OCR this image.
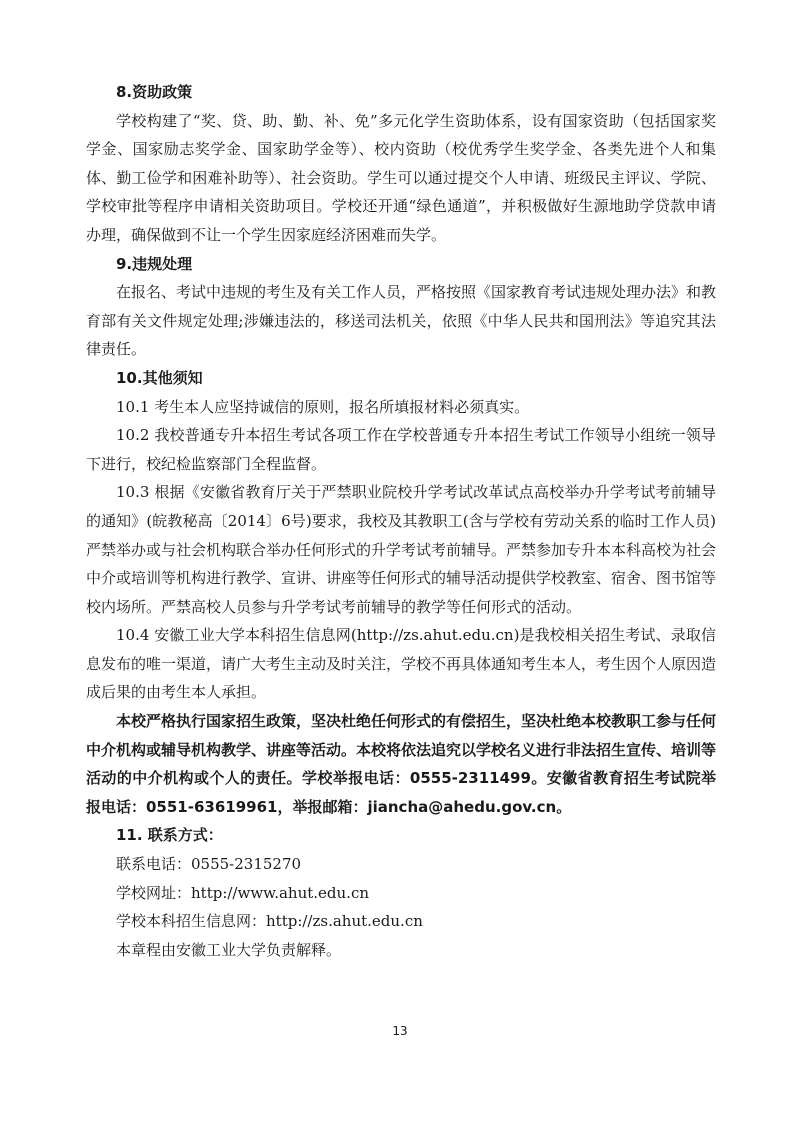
8.资助政策

学校构建了“奖、贷、助、勤、补、免”多元化学生资助体系，设有国家资助（包括国家奖学金、国家励志奖学金、国家助学金等）、校内资助（校优秀学生奖学金、各类先进个人和集体、勤工俭学和困难补助等）、社会资助。学生可以通过提交个人申请、班级民主评议、学院、学校审批等程序申请相关资助项目。学校还开通“绿色通道”，并积极做好生源地助学贷款申请办理，确保做到不让一个学生因家庭经济困难而失学。

9.违规处理

在报名、考试中违规的考生及有关工作人员，严格按照《国家教育考试违规处理办法》和教育部有关文件规定处理;涉嫌违法的，移送司法机关，依照《中华人民共和国刑法》等追究其法律责任。

10.其他须知

10.1 考生本人应坚持诚信的原则，报名所填报材料必须真实。

10.2 我校普通专升本招生考试各项工作在学校普通专升本招生考试工作领导小组统一领导下进行，校纪检监察部门全程监督。

10.3 根据《安徽省教育厅关于严禁职业院校升学考试改革试点高校举办升学考试考前辅导的通知》(皖教秘高〔2014〕6号)要求，我校及其教职工(含与学校有劳动关系的临时工作人员)严禁举办或与社会机构联合举办任何形式的升学考试考前辅导。严禁参加专升本本科高校为社会中介或培训等机构进行教学、宣讲、讲座等任何形式的辅导活动提供学校教室、宿舍、图书馆等校内场所。严禁高校人员参与升学考试考前辅导的教学等任何形式的活动。

10.4 安徽工业大学本科招生信息网(http://zs.ahut.edu.cn)是我校相关招生考试、录取信息发布的唯一渠道，请广大考生主动及时关注，学校不再具体通知考生本人，考生因个人原因造成后果的由考生本人承担。

本校严格执行国家招生政策，坚决杜绝任何形式的有偿招生，坚决杜绝本校教职工参与任何中介机构或辅导机构教学、讲座等活动。本校将依法追究以学校名义进行非法招生宣传、培训等活动的中介机构或个人的责任。学校举报电话：0555-2311499。安徽省教育招生考试院举报电话：0551-63619961，举报邮箱：jiancha@ahedu.gov.cn。

11. 联系方式：
联系电话：0555-2315270
学校网址：http://www.ahut.edu.cn
学校本科招生信息网：http://zs.ahut.edu.cn
本章程由安徽工业大学负责解释。
13
